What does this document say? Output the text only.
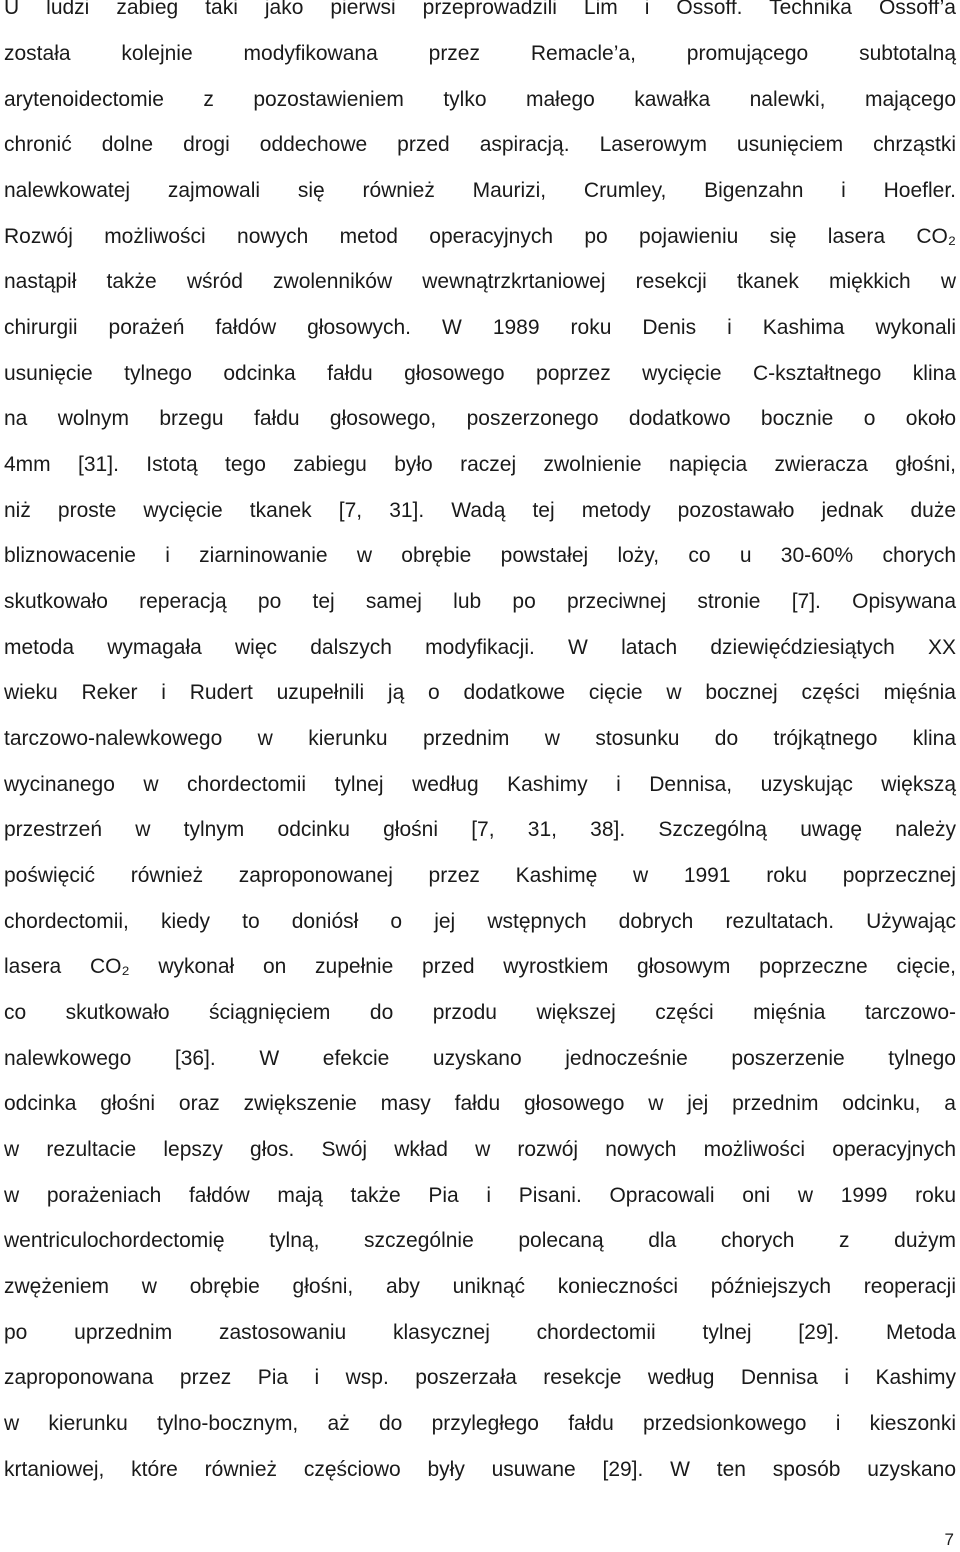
U ludzi zabieg taki jako pierwsi przeprowadzili Lim i Ossoff. Technika Ossoff’a
została kolejnie modyfikowana przez Remacle’a, promującego subtotalną
arytenoidectomie z pozostawieniem tylko małego kawałka nalewki, mającego
chronić dolne drogi oddechowe przed aspiracją. Laserowym usunięciem chrząstki
nalewkowatej zajmowali się również Maurizi, Crumley, Bigenzahn i Hoefler.
Rozwój możliwości nowych metod operacyjnych po pojawieniu się lasera CO₂
nastąpił także wśród zwolenników wewnątrzkrtaniowej resekcji tkanek miękkich w
chirurgii porażeń fałdów głosowych. W 1989 roku Denis i Kashima wykonali
usunięcie tylnego odcinka fałdu głosowego poprzez wycięcie C-kształtnego klina
na wolnym brzegu fałdu głosowego, poszerzonego dodatkowo bocznie o około
4mm [31]. Istotą tego zabiegu było raczej zwolnienie napięcia zwieracza głośni,
niż proste wycięcie tkanek [7, 31]. Wadą tej metody pozostawało jednak duże
bliznowacenie i ziarninowanie w obrębie powstałej loży, co u 30-60% chorych
skutkowało reperacją po tej samej lub po przeciwnej stronie [7]. Opisywana
metoda wymagała więc dalszych modyfikacji. W latach dziewięćdziesiątych XX
wieku Reker i Rudert uzupełnili ją o dodatkowe cięcie w bocznej części mięśnia
tarczowo-nalewkowego w kierunku przednim w stosunku do trójkątnego klina
wycinanego w chordectomii tylnej według Kashimy i Dennisa, uzyskując większą
przestrzeń w tylnym odcinku głośni [7, 31, 38]. Szczególną uwagę należy
poświęcić również zaproponowanej przez Kashimę w 1991 roku poprzecznej
chordectomii, kiedy to doniósł o jej wstępnych dobrych rezultatach. Używając
lasera CO₂ wykonał on zupełnie przed wyrostkiem głosowym poprzeczne cięcie,
co skutkowało ściągnięciem do przodu większej części mięśnia tarczowo-
nalewkowego [36]. W efekcie uzyskano jednocześnie poszerzenie tylnego
odcinka głośni oraz zwiększenie masy fałdu głosowego w jej przednim odcinku, a
w rezultacie lepszy głos. Swój wkład w rozwój nowych możliwości operacyjnych
w porażeniach fałdów mają także Pia i Pisani. Opracowali oni w 1999 roku
wentriculochordectomię tylną, szczególnie polecaną dla chorych z dużym
zwężeniem w obrębie głośni, aby uniknąć konieczności późniejszych reoperacji
po uprzednim zastosowaniu klasycznej chordectomii tylnej [29]. Metoda
zaproponowana przez Pia i wsp. poszerzała resekcje według Dennisa i Kashimy
w kierunku tylno-bocznym, aż do przyległego fałdu przedsionkowego i kieszonki
krtaniowej, które również częściowo były usuwane [29]. W ten sposób uzyskano
7
